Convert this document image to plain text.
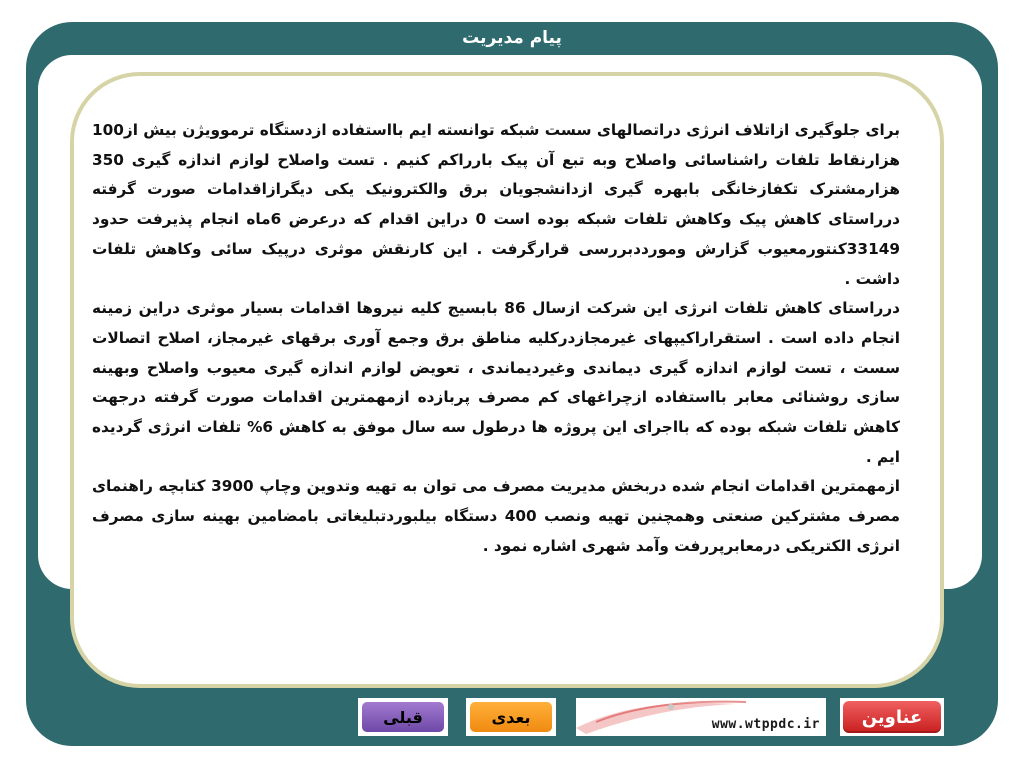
پیام مدیریت

برای جلوگیری ازاتلاف انرژی دراتصالهای سست شبکه توانسته ایم بااستفاده ازدستگاه ترموویژن بیش از100 هزارنقاط تلفات راشناسائی واصلاح وبه تبع آن پیک بارراکم کنیم . تست واصلاح لوازم اندازه گیری 350 هزارمشترک تکفازخانگی بابهره گیری ازدانشجویان برق والکترونیک یکی دیگرازاقدامات صورت گرفته درراستای کاهش پیک وکاهش تلفات شبکه بوده است 0 دراین اقدام که درعرض 6ماه انجام پذیرفت حدود 33149کنتورمعیوب گزارش ومورددبررسی قرارگرفت . این کارنقش موثری درپیک سائی وکاهش تلفات داشت .

درراستای کاهش تلفات انرژی این شرکت ازسال 86 بابسیج کلیه نیروها اقدامات بسیار موثری دراین زمینه انجام داده است . استقراراکیپهای غیرمجازدرکلیه مناطق برق وجمع آوری برقهای غیرمجاز، اصلاح اتصالات سست ، تست لوازم اندازه گیری دیماندی وغیردیماندی ، تعویض لوازم اندازه گیری معیوب واصلاح وبهینه سازی روشنائی معابر بااستفاده ازچراغهای کم مصرف پربازده ازمهمترین اقدامات صورت گرفته درجهت کاهش تلفات شبکه بوده که بااجرای این پروژه ها درطول سه سال موفق به کاهش 6% تلفات انرژی گردیده ایم .

ازمهمترین اقدامات انجام شده دربخش مدیریت مصرف می توان به تهیه وتدوین وچاپ 3900 کتابچه راهنمای مصرف مشترکین صنعتی وهمچنین تهیه ونصب 400 دستگاه بیلبوردتبلیغاتی بامضامین بهینه سازی مصرف انرژی الکتریکی درمعابرپررفت وآمد شهری اشاره نمود .

عناوین
www.wtppdc.ir
بعدی
قبلی
